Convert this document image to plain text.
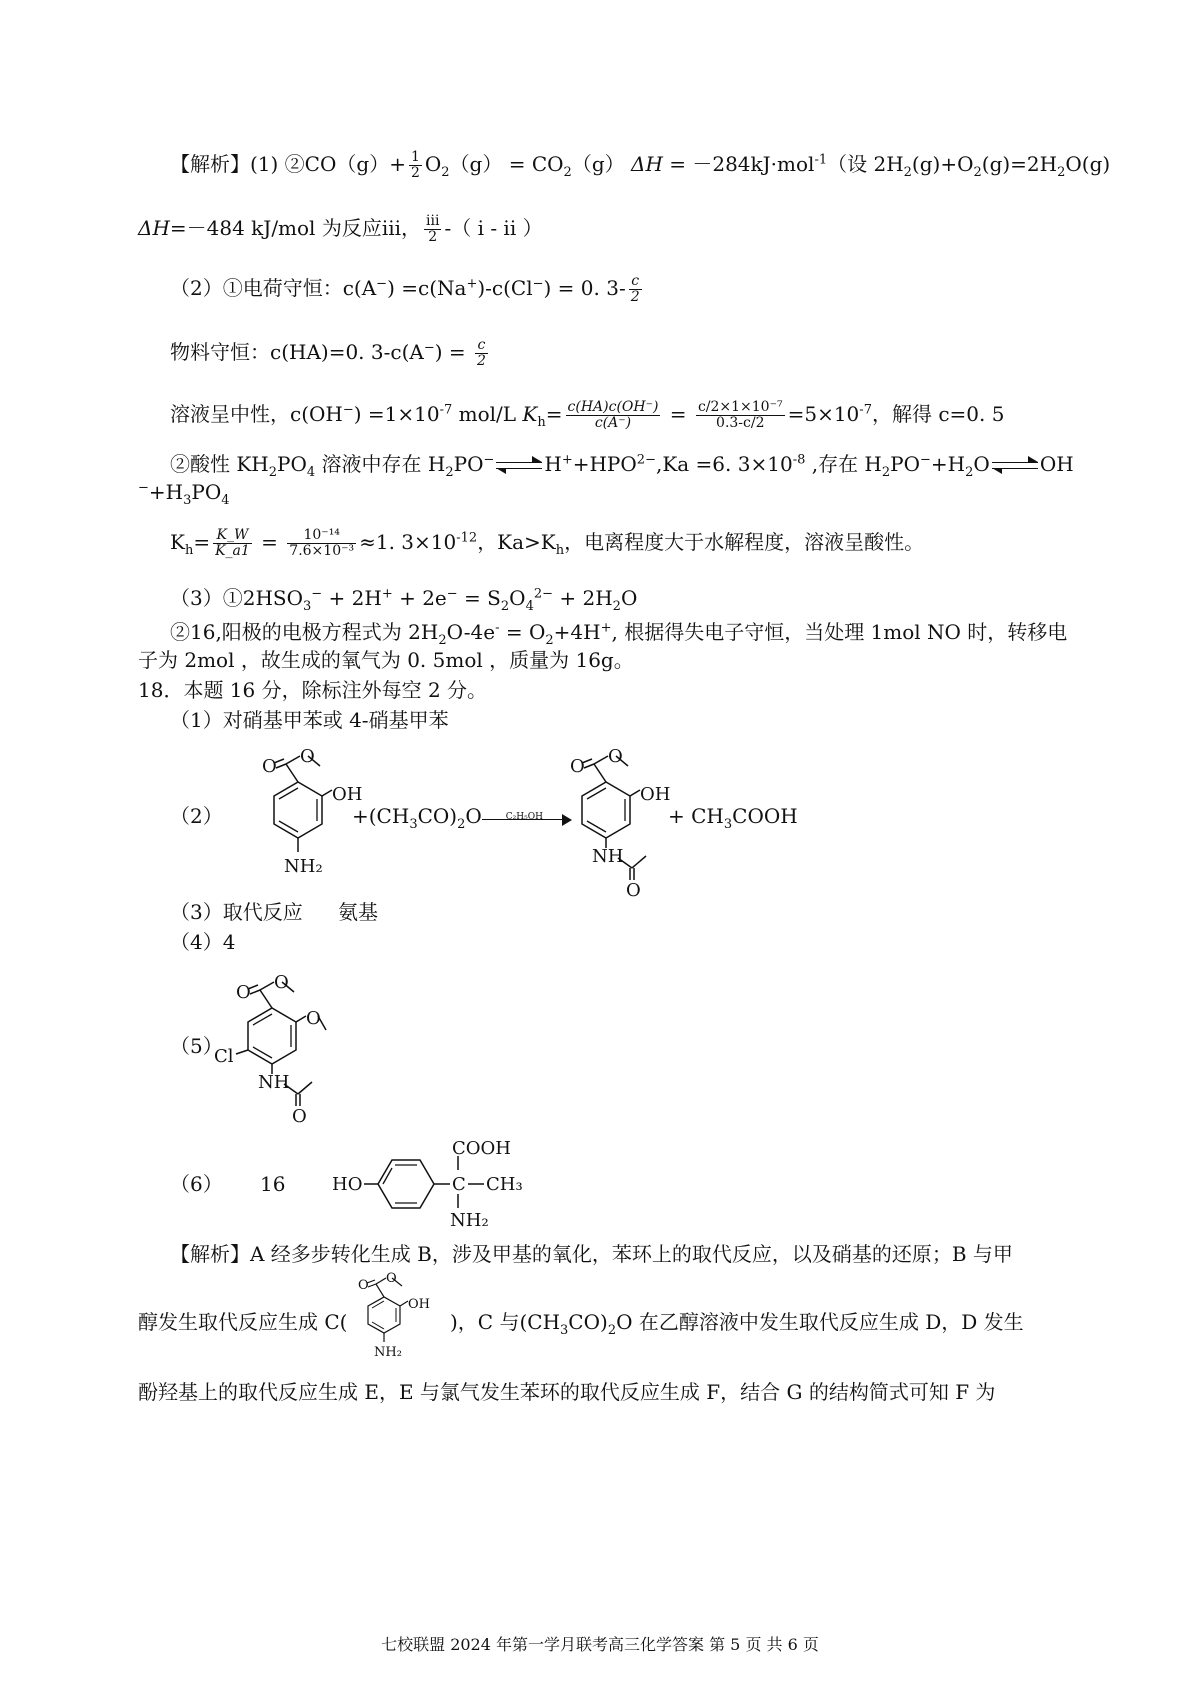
【解析】(1) ②CO（g）+ $\frac{1}{2} O_2(g) = CO_2(g) \Delta H = -284kJ\cdot mol^{-1}$（设 $2H_2(g)+O_2(g)=2H_2O(g)$
ΔH=－484 kJ/mol 为反应iii， $\frac{\text{iii}}{2}$ -（ i - ii ）
（2）①电荷守恒：c(A−) =c(Na+)-c(Cl−) = 0. $3- \frac{c}{2}$
物料守恒：c(HA)=0. $3-c(A^-) = \frac{c}{2}$
溶液呈中性，$c(OH^-) =1\times 10^{-7}$ mol/L $K_h= \frac{c(HA)c(OH^-)}{c(A^-)} = \frac{\text{c/2×1×10⁻⁷}}{0.3-c/2} =5\times 10^{-7}$，解得 c=0. 5
②酸性 $KH_2PO_4$ 溶液中存在 $H_2PO^-$ ⇌ $H^++HPO^{2-},Ka =6$. $3\times 10^{-8}$ ,存在 $H_2PO^-+H_2O$ ⇌ OH
$^-+H_3PO_4$
$K_h= \frac{K\_W}{K\_a1} = \frac{\text{10⁻¹⁴}}{\text{7.6×10⁻³}} \approx 1$. $3\times 10^{-12}$，$Ka>K_h$，电离程度大于水解程度，溶液呈酸性。
$(3)①2HSO_3^- + 2H^+ + 2e^- = S_2O_4^{2-} + 2H_2O$
②16,阳极的电极方程式为 $2H_2O-4e^- = O_2+4H^+$, 根据得失电子守恒，当处理 1mol NO 时，转移电
子为 2mol ，故生成的氧气为 0. 5mol ，质量为 16g。
18．本题 16 分，除标注外每空 2 分。
（1）对硝基甲苯或 4-硝基甲苯
（2）
O O
OH
NH₂
$+(CH_3CO)_2O$	C₂H₅OH
O O
OH
NH
O
+ $CH_3COOH$
（3）取代反应 氨基
（4）4
（5）
O O
O
Cl
NH
O
（6） 16	HO	C
COOH
CH₃
NH₂
【解析】A 经多步转化生成 B，涉及甲基的氧化，苯环上的取代反应，以及硝基的还原；B 与甲
醇发生取代反应生成 C(
O O
OH
NH₂
)，C 与$(CH_3CO)_2O$ 在乙醇溶液中发生取代反应生成 D，D 发生
酚羟基上的取代反应生成 E，E 与氯气发生苯环的取代反应生成 F，结合 G 的结构简式可知 F 为
七校联盟 2024 年第一学月联考高三化学答案 第 5 页 共 6 页
